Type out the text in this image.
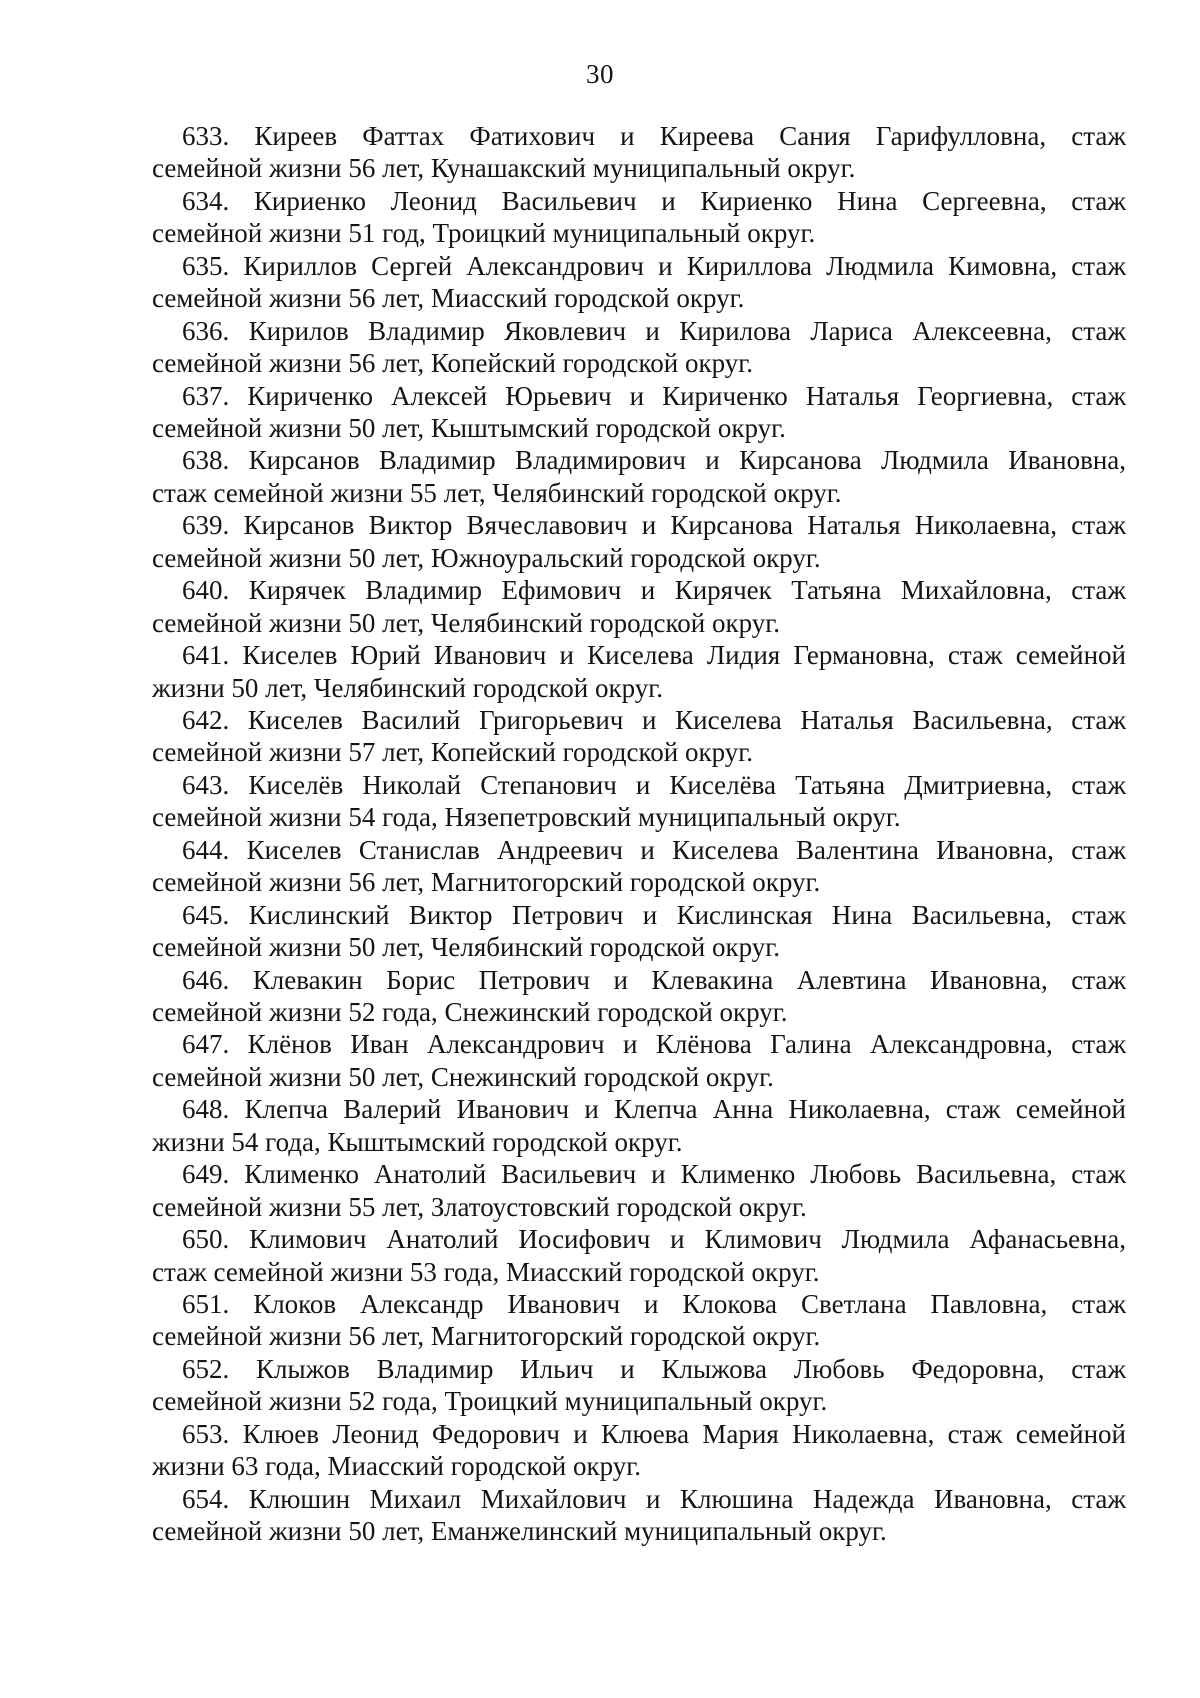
30
633. Киреев Фаттах Фатихович и Киреева Сания Гарифулловна, стаж
семейной жизни 56 лет, Кунашакский муниципальный округ.
634. Кириенко Леонид Васильевич и Кириенко Нина Сергеевна, стаж
семейной жизни 51 год, Троицкий муниципальный округ.
635. Кириллов Сергей Александрович и Кириллова Людмила Кимовна, стаж
семейной жизни 56 лет, Миасский городской округ.
636. Кирилов Владимир Яковлевич и Кирилова Лариса Алексеевна, стаж
семейной жизни 56 лет, Копейский городской округ.
637. Кириченко Алексей Юрьевич и Кириченко Наталья Георгиевна, стаж
семейной жизни 50 лет, Кыштымский городской округ.
638. Кирсанов Владимир Владимирович и Кирсанова Людмила Ивановна,
стаж семейной жизни 55 лет, Челябинский городской округ.
639. Кирсанов Виктор Вячеславович и Кирсанова Наталья Николаевна, стаж
семейной жизни 50 лет, Южноуральский городской округ.
640. Кирячек Владимир Ефимович и Кирячек Татьяна Михайловна, стаж
семейной жизни 50 лет, Челябинский городской округ.
641. Киселев Юрий Иванович и Киселева Лидия Германовна, стаж семейной
жизни 50 лет, Челябинский городской округ.
642. Киселев Василий Григорьевич и Киселева Наталья Васильевна, стаж
семейной жизни 57 лет, Копейский городской округ.
643. Киселёв Николай Степанович и Киселёва Татьяна Дмитриевна, стаж
семейной жизни 54 года, Нязепетровский муниципальный округ.
644. Киселев Станислав Андреевич и Киселева Валентина Ивановна, стаж
семейной жизни 56 лет, Магнитогорский городской округ.
645. Кислинский Виктор Петрович и Кислинская Нина Васильевна, стаж
семейной жизни 50 лет, Челябинский городской округ.
646. Клевакин Борис Петрович и Клевакина Алевтина Ивановна, стаж
семейной жизни 52 года, Снежинский городской округ.
647. Клёнов Иван Александрович и Клёнова Галина Александровна, стаж
семейной жизни 50 лет, Снежинский городской округ.
648. Клепча Валерий Иванович и Клепча Анна Николаевна, стаж семейной
жизни 54 года, Кыштымский городской округ.
649. Клименко Анатолий Васильевич и Клименко Любовь Васильевна, стаж
семейной жизни 55 лет, Златоустовский городской округ.
650. Климович Анатолий Иосифович и Климович Людмила Афанасьевна,
стаж семейной жизни 53 года, Миасский городской округ.
651. Клоков Александр Иванович и Клокова Светлана Павловна, стаж
семейной жизни 56 лет, Магнитогорский городской округ.
652. Клыжов Владимир Ильич и Клыжова Любовь Федоровна, стаж
семейной жизни 52 года, Троицкий муниципальный округ.
653. Клюев Леонид Федорович и Клюева Мария Николаевна, стаж семейной
жизни 63 года, Миасский городской округ.
654. Клюшин Михаил Михайлович и Клюшина Надежда Ивановна, стаж
семейной жизни 50 лет, Еманжелинский муниципальный округ.
